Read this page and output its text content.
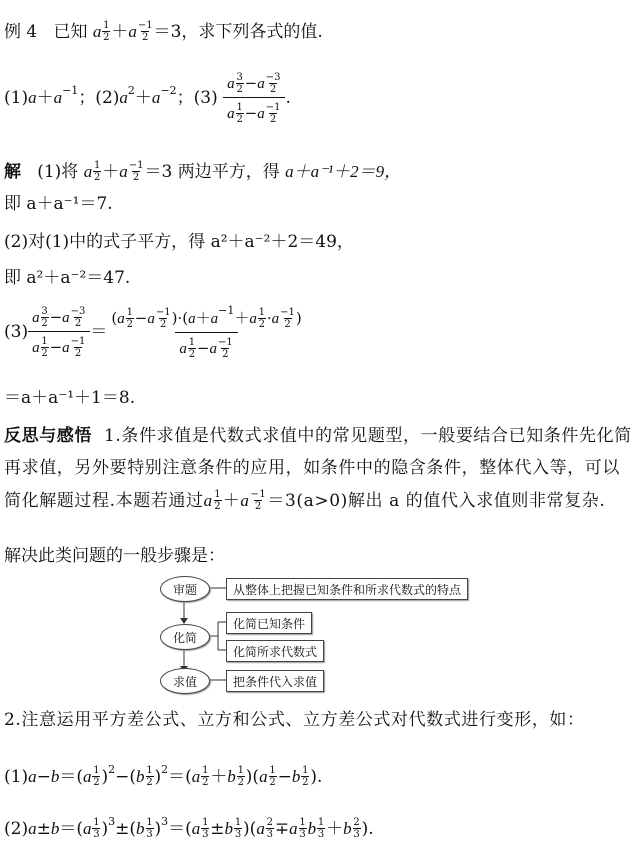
例 4 已知 a $\frac{1}{2} +a \frac{-1}{2} =3$，求下列各式的值.
$(1)a+a^{-1}$；$(2)a^2+a^{-2}$；$(3) \frac{a \frac{3}{2} -a \frac{-3}{2}}{a \frac{1}{2} -a \frac{-1}{2}}$ .
解 (1)将 a $\frac{1}{2} +a \frac{-1}{2} =3$ 两边平方，得 a＋a⁻¹＋2＝9，
即 a＋a⁻¹＝7.
(2)对(1)中的式子平方，得 a²＋a⁻²＋2＝49，
即 a²＋a⁻²＝47.
$(3) \frac{a \frac{3}{2} -a \frac{-3}{2}}{a \frac{1}{2} -a \frac{-1}{2}} = \frac{(a \frac{1}{2} -a \frac{-1}{2} )\cdot(a+a^{-1}+a \frac{1}{2} \cdot a \frac{-1}{2} )}{a \frac{1}{2} -a \frac{-1}{2}}$
＝a＋a⁻¹＋1＝8.
反思与感悟 1.条件求值是代数式求值中的常见题型，一般要结合已知条件先化简再求值，另外要特别注意条件的应用，如条件中的隐含条件，整体代入等，可以简化解题过程.本题若通过a $\frac{1}{2} +a \frac{-1}{2} =3(a>0)$解出 a 的值代入求值则非常复杂.
解决此类问题的一般步骤是：
审题
化简
求值
从整体上把握已知条件和所求代数式的特点
化简已知条件
化简所求代数式
把条件代入求值
2.注意运用平方差公式、立方和公式、立方差公式对代数式进行变形，如：
$(1)a-b=(a \frac{1}{2} )^2-(b \frac{1}{2} )^2=(a \frac{1}{2} +b \frac{1}{2} )(a \frac{1}{2} -b \frac{1}{2}$ ).
$(2)a\pm b=(a \frac{1}{3} )^3\pm(b \frac{1}{3} )^3=(a \frac{1}{3} \pm b \frac{1}{3} )(a \frac{2}{3} \mp a \frac{1}{3}$ b $\frac{1}{3} +b \frac{2}{3}$ ).
